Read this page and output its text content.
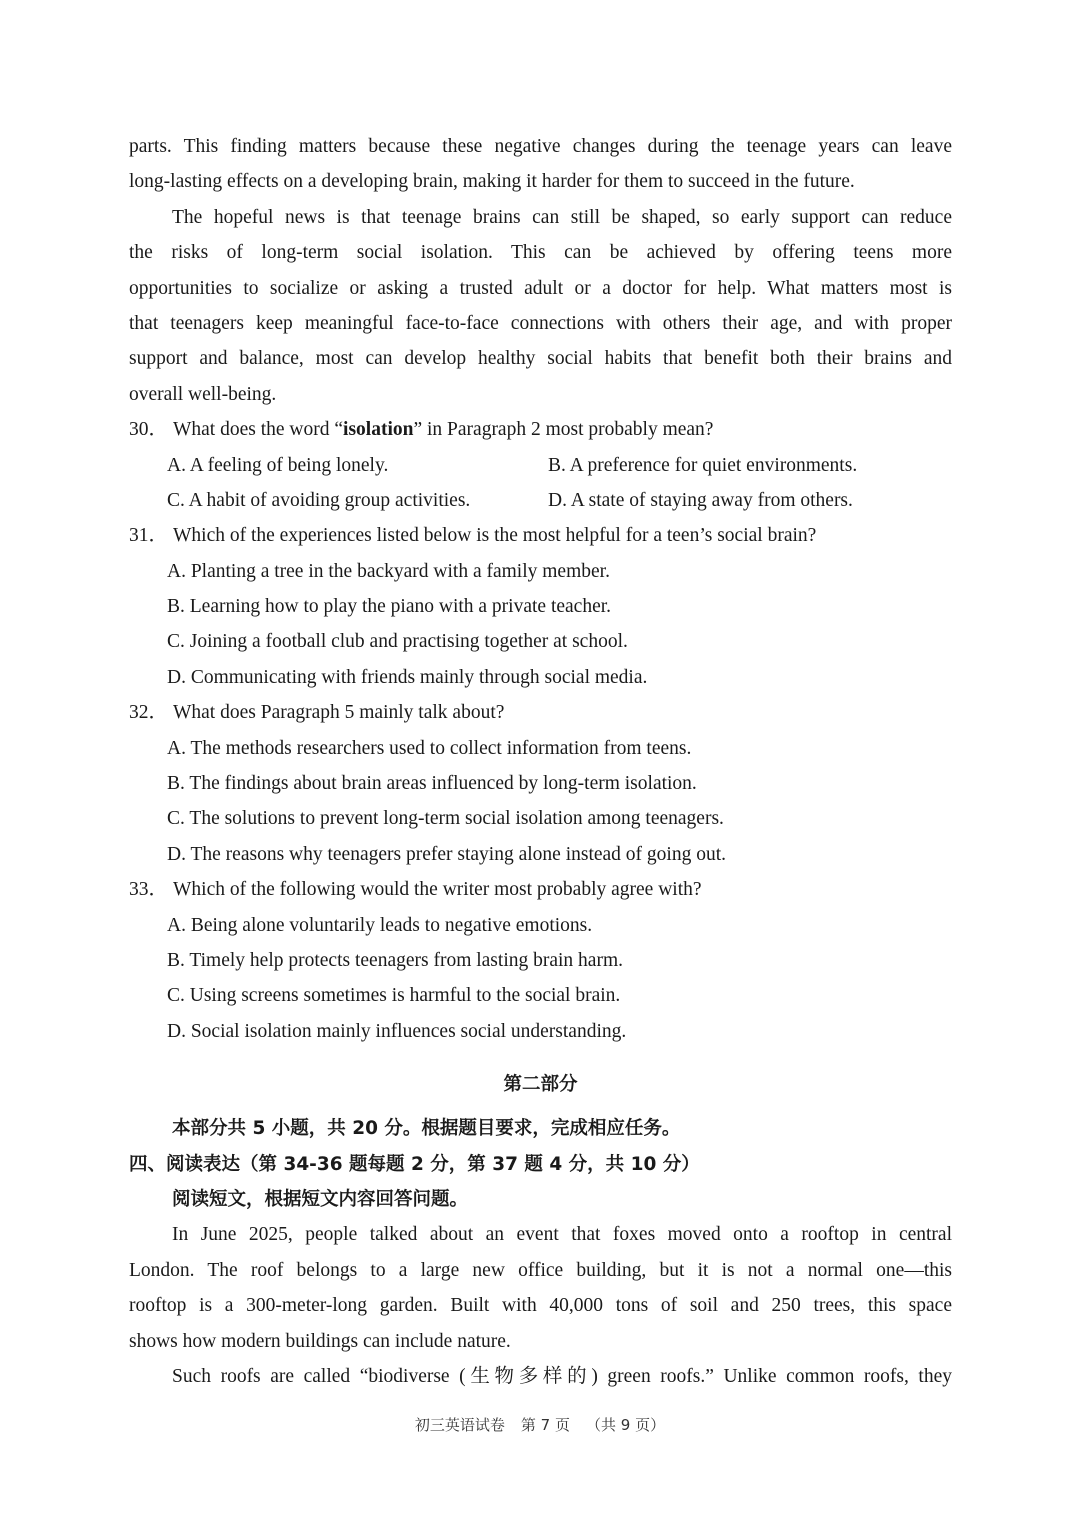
parts. This finding matters because these negative changes during the teenage years can leave
long-lasting effects on a developing brain, making it harder for them to succeed in the future.
The hopeful news is that teenage brains can still be shaped, so early support can reduce
the risks of long-term social isolation. This can be achieved by offering teens more
opportunities to socialize or asking a trusted adult or a doctor for help. What matters most is
that teenagers keep meaningful face-to-face connections with others their age, and with proper
support and balance, most can develop healthy social habits that benefit both their brains and
overall well-being.
30． What does the word “isolation” in Paragraph 2 most probably mean?
A. A feeling of being lonely.	B. A preference for quiet environments.
C. A habit of avoiding group activities.	D. A state of staying away from others.
31． Which of the experiences listed below is the most helpful for a teen’s social brain?
A. Planting a tree in the backyard with a family member.
B. Learning how to play the piano with a private teacher.
C. Joining a football club and practising together at school.
D. Communicating with friends mainly through social media.
32． What does Paragraph 5 mainly talk about?
A. The methods researchers used to collect information from teens.
B. The findings about brain areas influenced by long-term isolation.
C. The solutions to prevent long-term social isolation among teenagers.
D. The reasons why teenagers prefer staying alone instead of going out.
33． Which of the following would the writer most probably agree with?
A. Being alone voluntarily leads to negative emotions.
B. Timely help protects teenagers from lasting brain harm.
C. Using screens sometimes is harmful to the social brain.
D. Social isolation mainly influences social understanding.
第二部分
本部分共 5 小题，共 20 分。根据题目要求，完成相应任务。
四、阅读表达（第 34-36 题每题 2 分，第 37 题 4 分，共 10 分）
阅读短文，根据短文内容回答问题。
In June 2025, people talked about an event that foxes moved onto a rooftop in central
London. The roof belongs to a large new office building, but it is not a normal one—this
rooftop is a 300-meter-long garden. Built with 40,000 tons of soil and 250 trees, this space
shows how modern buildings can include nature.
Such roofs are called “biodiverse (生物多样的) green roofs.” Unlike common roofs, they
初三英语试卷 第 7 页 （共 9 页）
